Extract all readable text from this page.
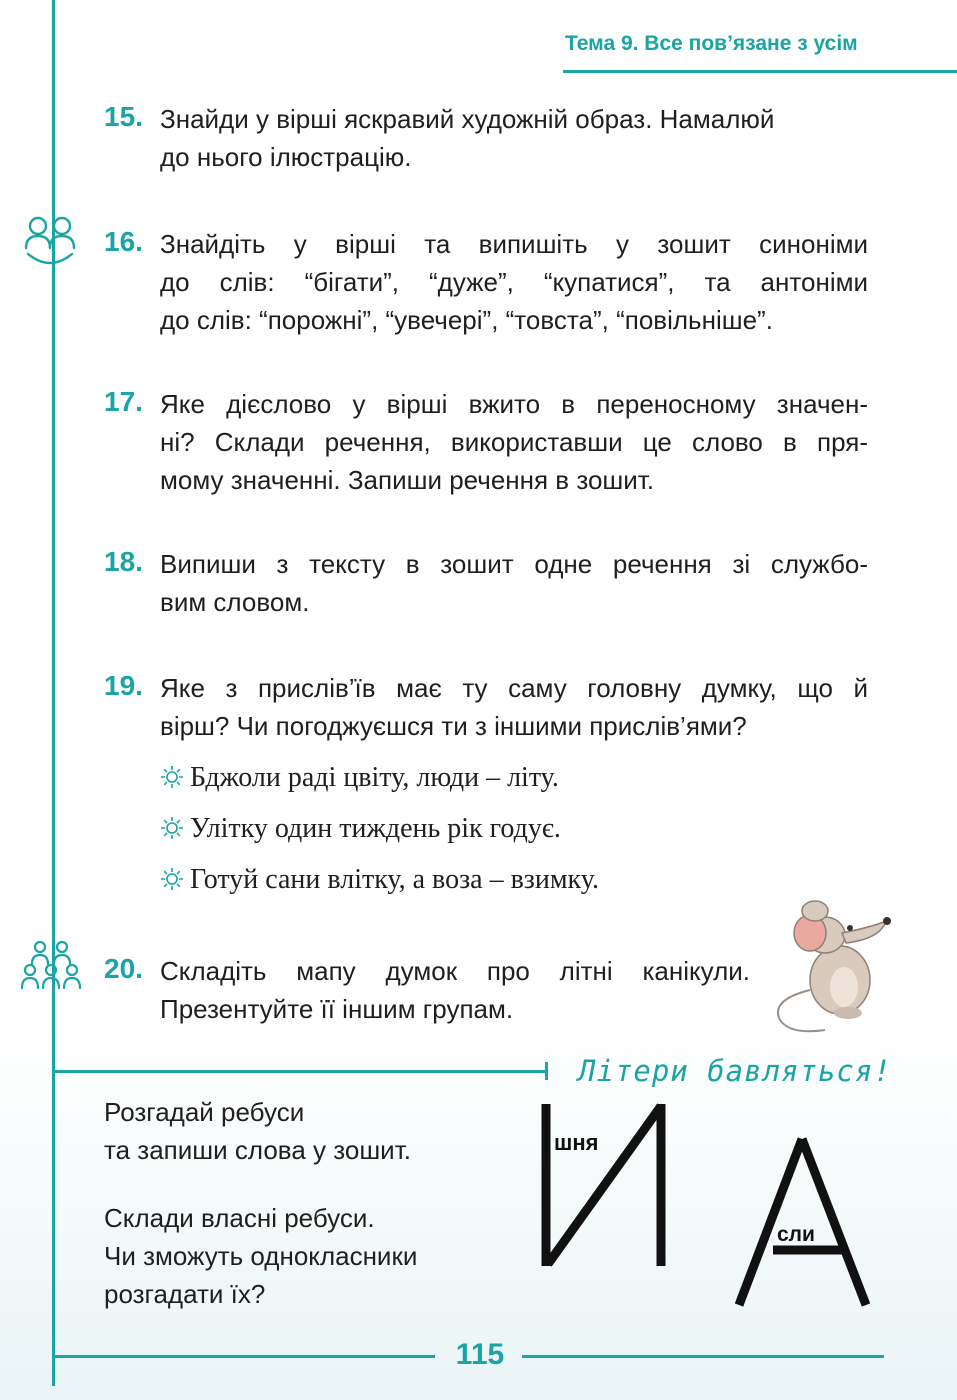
Тема 9. Все пов’язане з усім
15. Знайди у вірші яскравий художній образ. Намалюй
до нього ілюстрацію.

16. Знайдіть у вірші та випишіть у зошит синоніми
до слів: “бігати”, “дуже”, “купатися”, та антоніми
до слів: “порожні”, “увечері”, “товста”, “повільніше”.

17. Яке дієслово у вірші вжито в переносному значен-
ні? Склади речення, використавши це слово в пря-
мому значенні. Запиши речення в зошит.

18. Випиши з тексту в зошит одне речення зі службо-
вим словом.

19. Яке з прислів’їв має ту саму головну думку, що й
вірш? Чи погоджуєшся ти з іншими прислів’ями?

Бджоли раді цвіту, люди – літу.
Улітку один тиждень рік годує.
Готуй сани влітку, а воза – взимку.
20. Складіть мапу думок про літні канікули.
Презентуйте її іншим групам.

Літери бавляться!
Розгадай ребуси
та запиши слова у зошит.
Склади власні ребуси.
Чи зможуть однокласники
розгадати їх?
шня
сли
115
